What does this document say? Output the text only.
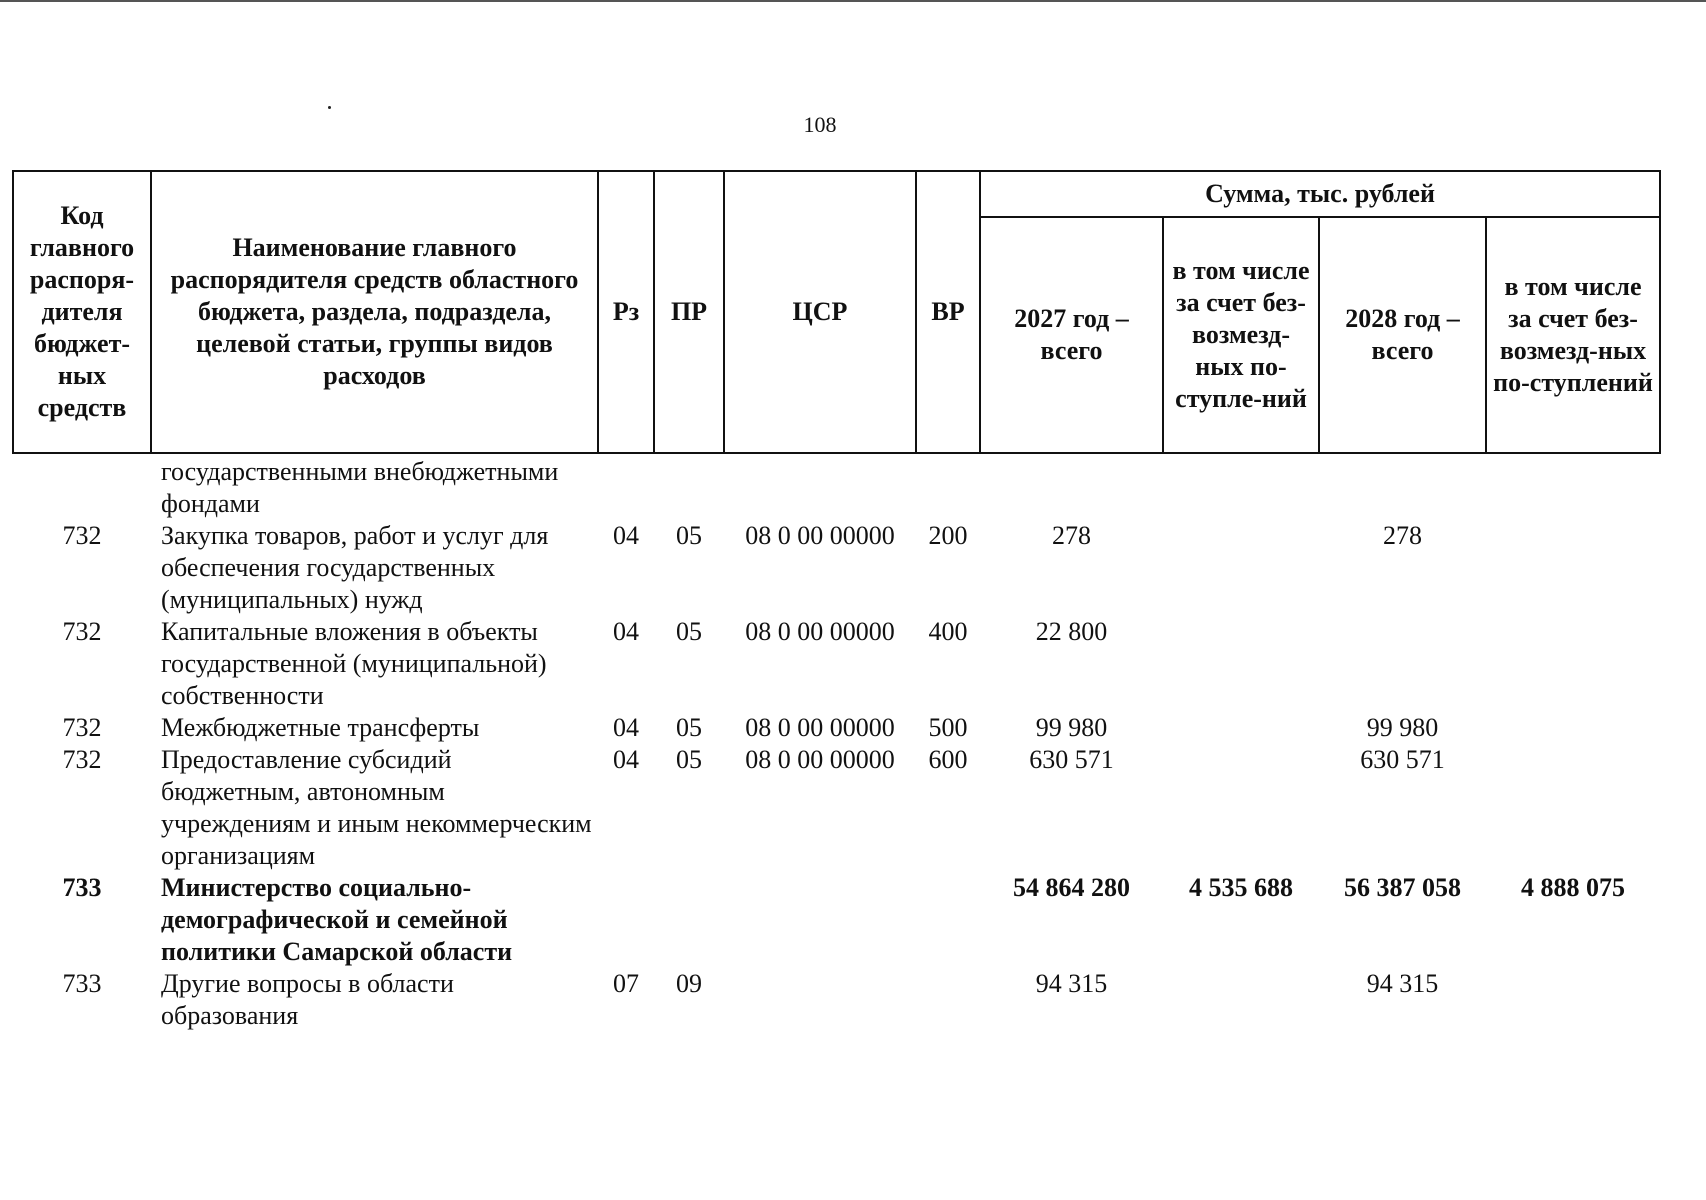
108
Код главного распоря-дителя бюджет-ных средств	Наименование главного распорядителя средств областного бюджета, раздела, подраздела, целевой статьи, группы видов расходов	Рз	ПР	ЦСР	ВР	Сумма, тыс. рублей			
						2027 год – всего	в том числе за счет без-возмезд-ных по-ступле-ний	2028 год – всего	в том числе за счет без-возмезд-ных по-ступлений
	государственными внебюджетными фондами								
732	Закупка товаров, работ и услуг для обеспечения государственных (муниципальных) нужд	04	05	08 0 00 00000	200	278		278	
732	Капитальные вложения в объекты государственной (муниципальной) собственности	04	05	08 0 00 00000	400	22 800			
732	Межбюджетные трансферты	04	05	08 0 00 00000	500	99 980		99 980	
732	Предоставление субсидий бюджетным, автономным учреждениям и иным некоммерческим организациям	04	05	08 0 00 00000	600	630 571		630 571	
733	Министерство социально-демографической и семейной политики Самарской области					54 864 280	4 535 688	56 387 058	4 888 075
733	Другие вопросы в области образования	07	09			94 315		94 315	
